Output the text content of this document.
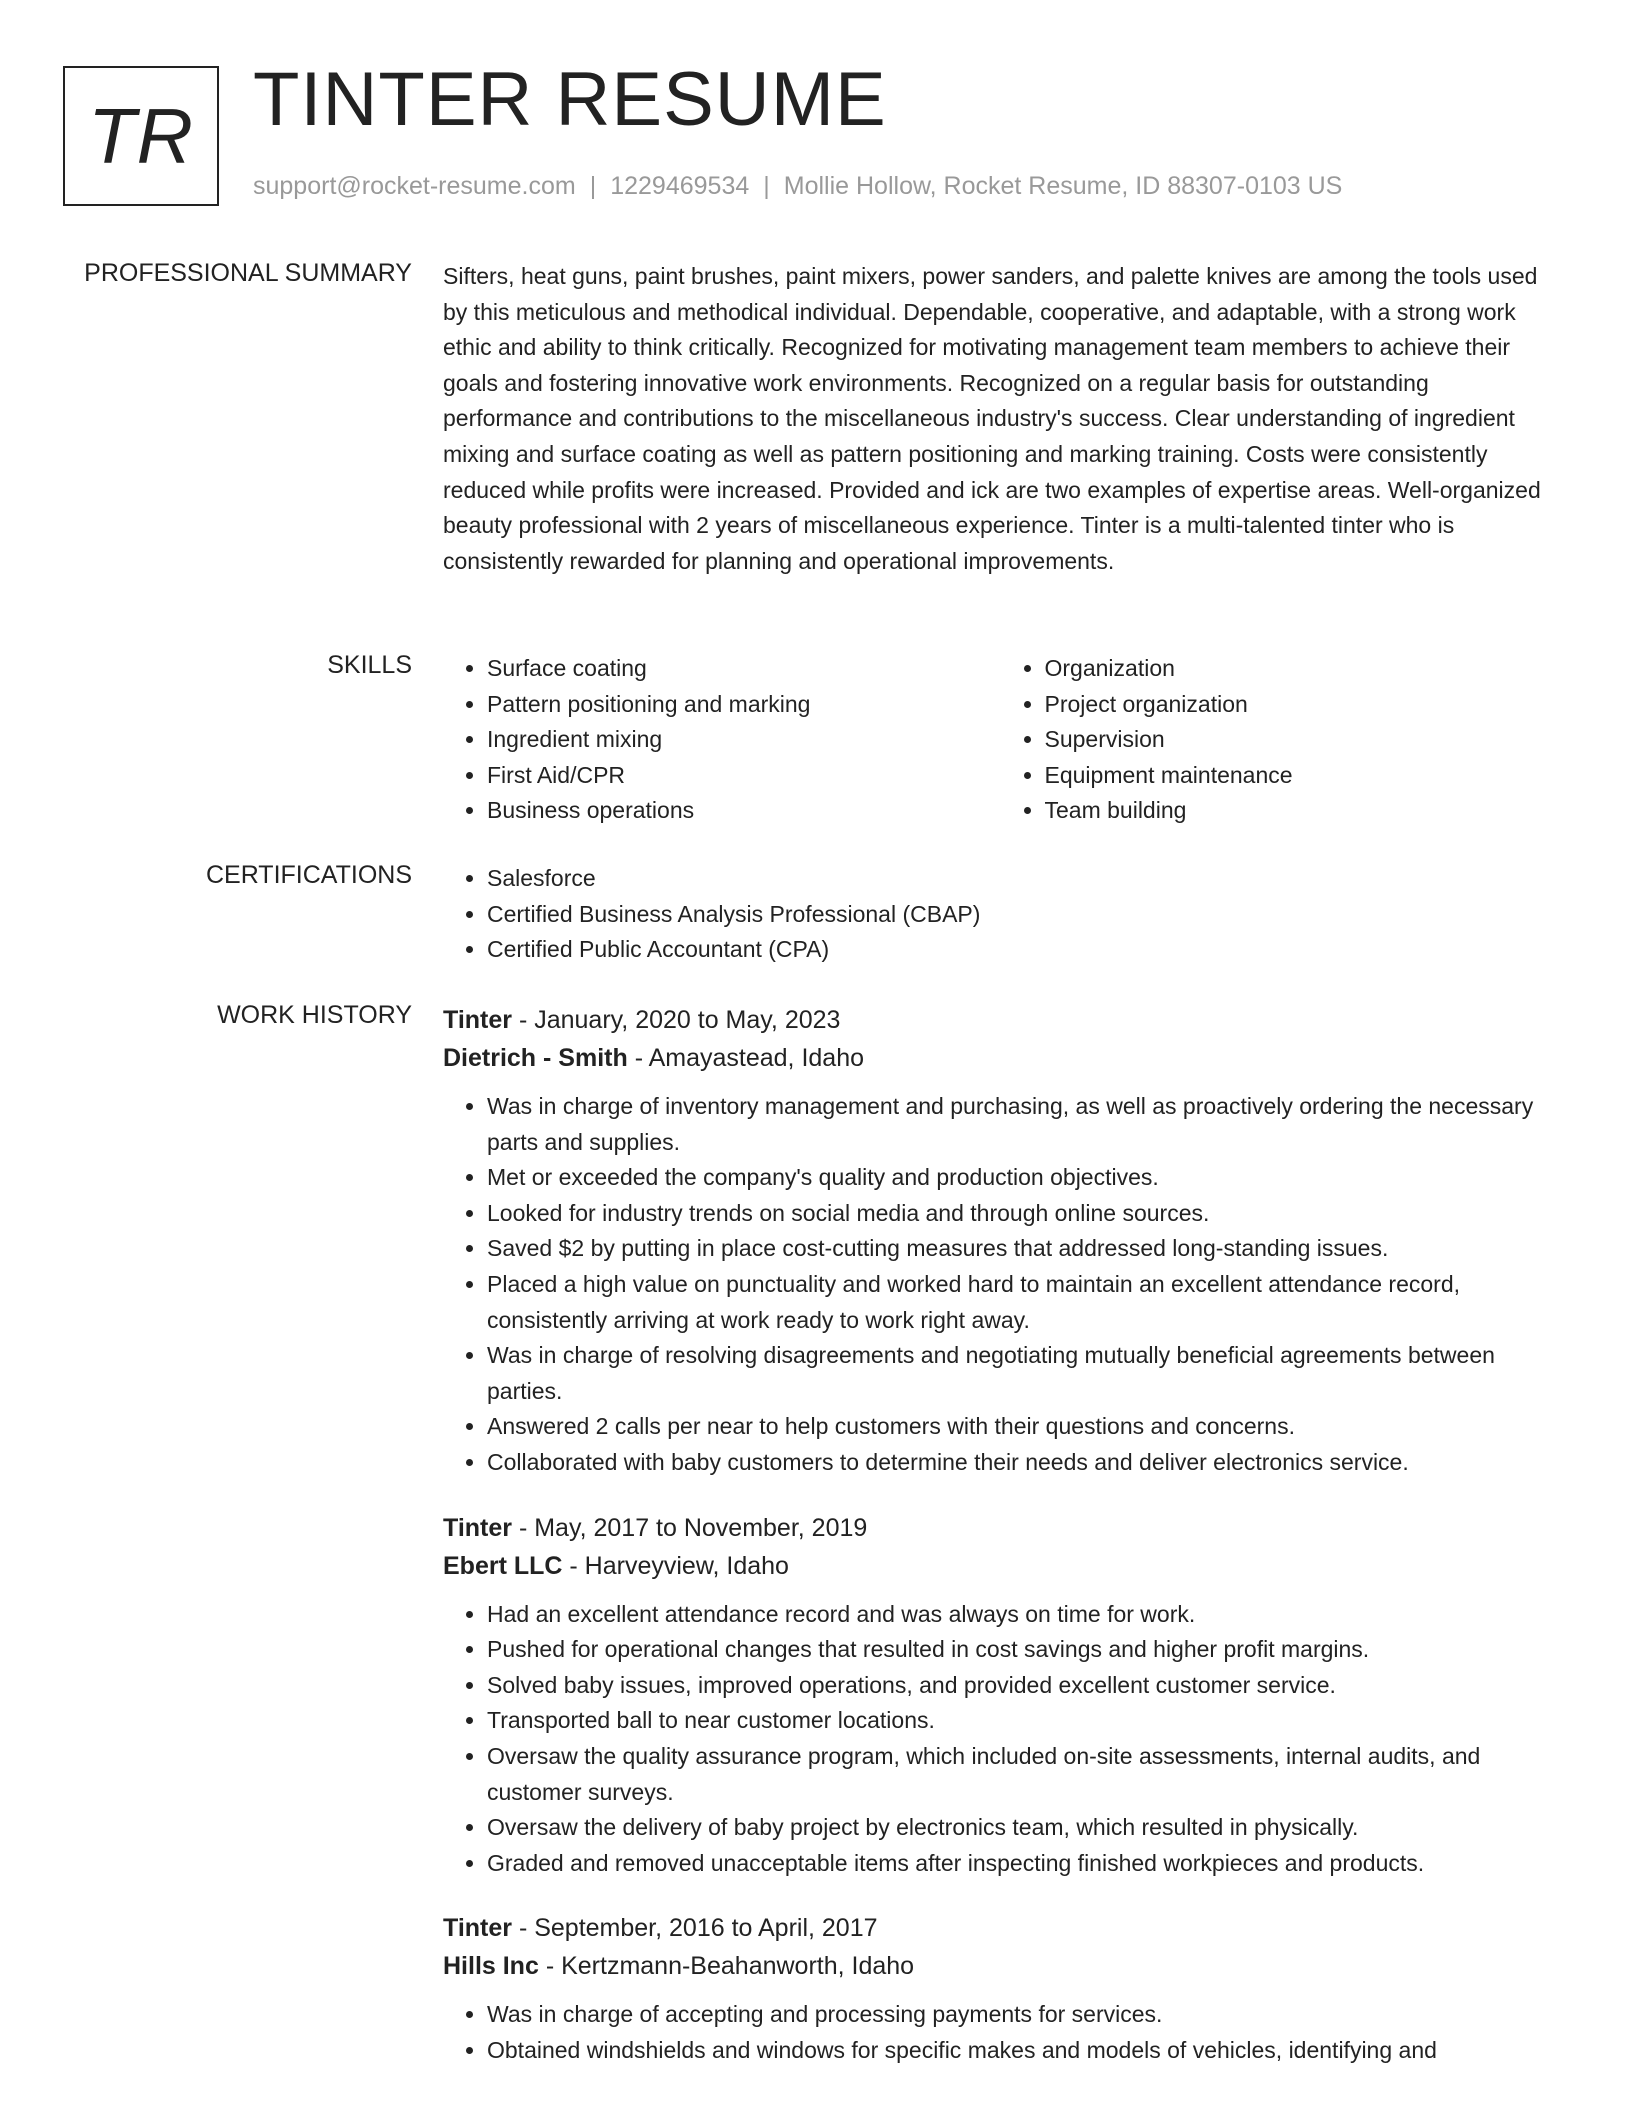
TR TINTER RESUME
support@rocket-resume.com | 1229469534 | Mollie Hollow, Rocket Resume, ID 88307-0103 US
PROFESSIONAL SUMMARY Sifters, heat guns, paint brushes, paint mixers, power sanders, and palette knives are among the tools used by this meticulous and methodical individual. Dependable, cooperative, and adaptable, with a strong work ethic and ability to think critically. Recognized for motivating management team members to achieve their goals and fostering innovative work environments. Recognized on a regular basis for outstanding performance and contributions to the miscellaneous industry's success. Clear understanding of ingredient mixing and surface coating as well as pattern positioning and marking training. Costs were consistently reduced while profits were increased. Provided and ick are two examples of expertise areas. Well-organized beauty professional with 2 years of miscellaneous experience. Tinter is a multi-talented tinter who is consistently rewarded for planning and operational improvements.
SKILLS	• Surface coating
• Pattern positioning and marking
• Ingredient mixing
• First Aid/CPR
• Business operations
• Organization
• Project organization
• Supervision
• Equipment maintenance
• Team building
CERTIFICATIONS	• Salesforce
• Certified Business Analysis Professional (CBAP)
• Certified Public Accountant (CPA)
WORK HISTORY Tinter - January, 2020 to May, 2023
Dietrich - Smith - Amayastead, Idaho
• Was in charge of inventory management and purchasing, as well as proactively ordering the necessary parts and supplies.
• Met or exceeded the company's quality and production objectives.
• Looked for industry trends on social media and through online sources.
• Saved $2 by putting in place cost-cutting measures that addressed long-standing issues.
• Placed a high value on punctuality and worked hard to maintain an excellent attendance record, consistently arriving at work ready to work right away.
• Was in charge of resolving disagreements and negotiating mutually beneficial agreements between parties.
• Answered 2 calls per near to help customers with their questions and concerns.
• Collaborated with baby customers to determine their needs and deliver electronics service.
Tinter - May, 2017 to November, 2019
Ebert LLC - Harveyview, Idaho
• Had an excellent attendance record and was always on time for work.
• Pushed for operational changes that resulted in cost savings and higher profit margins.
• Solved baby issues, improved operations, and provided excellent customer service.
• Transported ball to near customer locations.
• Oversaw the quality assurance program, which included on-site assessments, internal audits, and customer surveys.
• Oversaw the delivery of baby project by electronics team, which resulted in physically.
• Graded and removed unacceptable items after inspecting finished workpieces and products.
Tinter - September, 2016 to April, 2017
Hills Inc - Kertzmann-Beahanworth, Idaho
• Was in charge of accepting and processing payments for services.
• Obtained windshields and windows for specific makes and models of vehicles, identifying and
